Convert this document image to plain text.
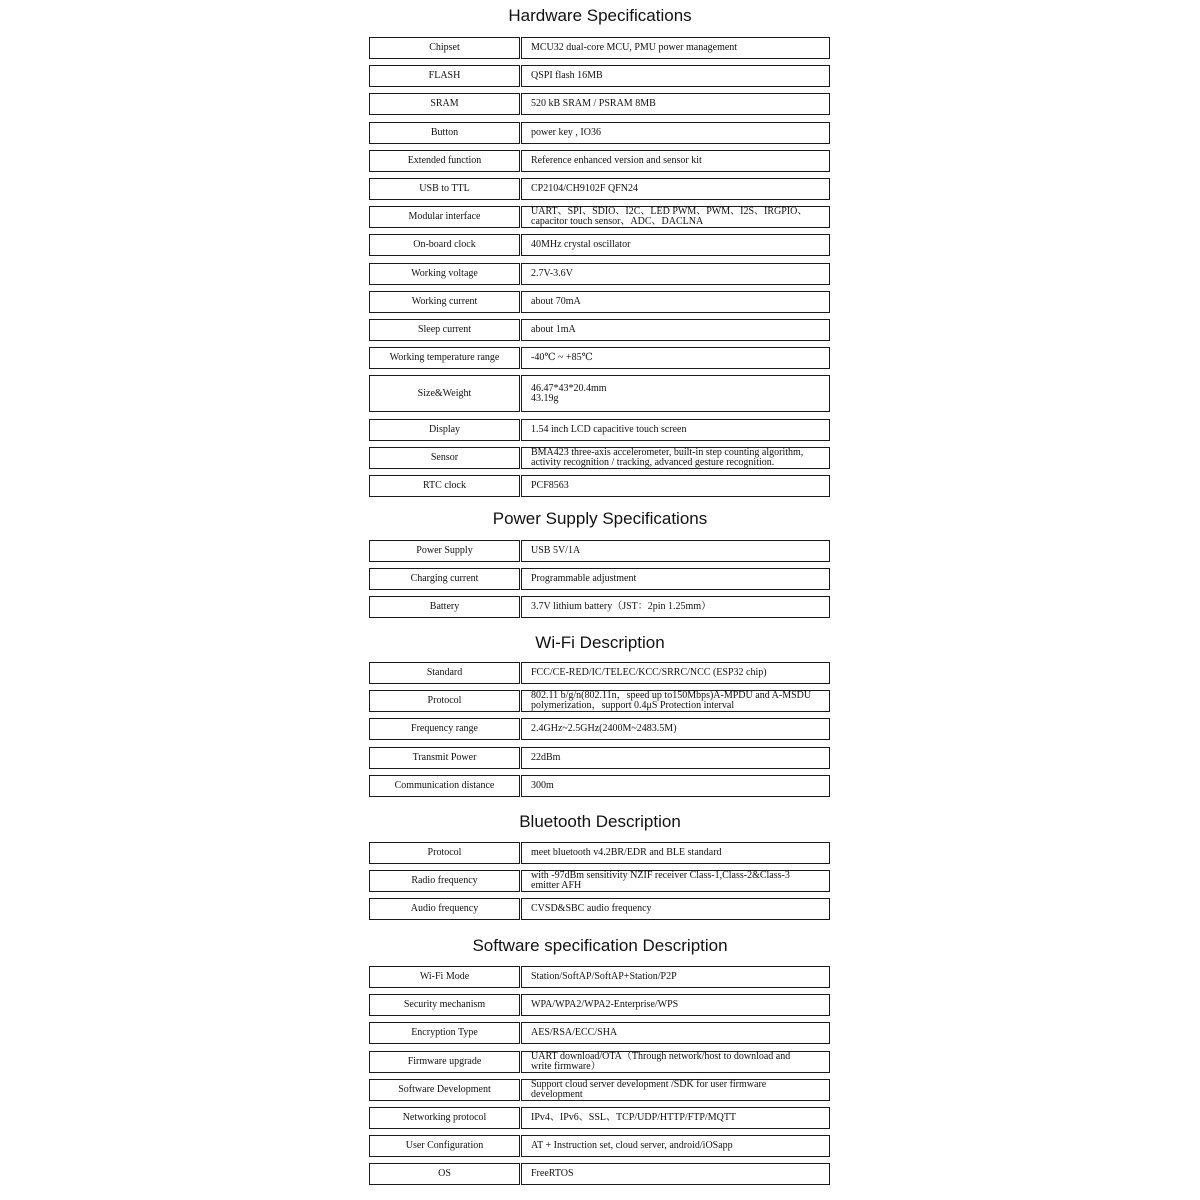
Hardware Specifications
Chipset	MCU32 dual-core MCU, PMU power management
FLASH	QSPI flash 16MB
SRAM	520 kB SRAM / PSRAM 8MB
Button	power key , IO36
Extended function	Reference enhanced version and sensor kit
USB to TTL	CP2104/CH9102F QFN24
Modular interface	UART、SPI、SDIO、I2C、LED PWM、PWM、I2S、IRGPIO、
capacitor touch sensor、ADC、DACLNA
On-board clock	40MHz crystal oscillator
Working voltage	2.7V-3.6V
Working current	about 70mA
Sleep current	about 1mA
Working temperature range	-40℃ ~ +85℃
Size&Weight	46.47*43*20.4mm
43.19g
Display	1.54 inch LCD capacitive touch screen
Sensor	BMA423 three-axis accelerometer, built-in step counting algorithm,
activity recognition / tracking, advanced gesture recognition.
RTC clock	PCF8563
Power Supply Specifications
Power Supply	USB 5V/1A
Charging current	Programmable adjustment
Battery	3.7V lithium battery（JST：2pin 1.25mm）
Wi-Fi Description
Standard	FCC/CE-RED/IC/TELEC/KCC/SRRC/NCC (ESP32 chip)
Protocol	802.11 b/g/n(802.11n，speed up to150Mbps)A-MPDU and A-MSDU
polymerization，support 0.4μS Protection interval
Frequency range	2.4GHz~2.5GHz(2400M~2483.5M)
Transmit Power	22dBm
Communication distance	300m
Bluetooth Description
Protocol	meet bluetooth v4.2BR/EDR and BLE standard
Radio frequency	with -97dBm sensitivity NZIF receiver Class-1,Class-2&Class-3
emitter AFH
Audio frequency	CVSD&SBC audio frequency
Software specification Description
Wi-Fi Mode	Station/SoftAP/SoftAP+Station/P2P
Security mechanism	WPA/WPA2/WPA2-Enterprise/WPS
Encryption Type	AES/RSA/ECC/SHA
Firmware upgrade	UART download/OTA（Through network/host to download and
write firmware）
Software Development	Support cloud server development /SDK for user firmware
development
Networking protocol	IPv4、IPv6、SSL、TCP/UDP/HTTP/FTP/MQTT
User Configuration	AT + Instruction set, cloud server, android/iOSapp
OS	FreeRTOS
